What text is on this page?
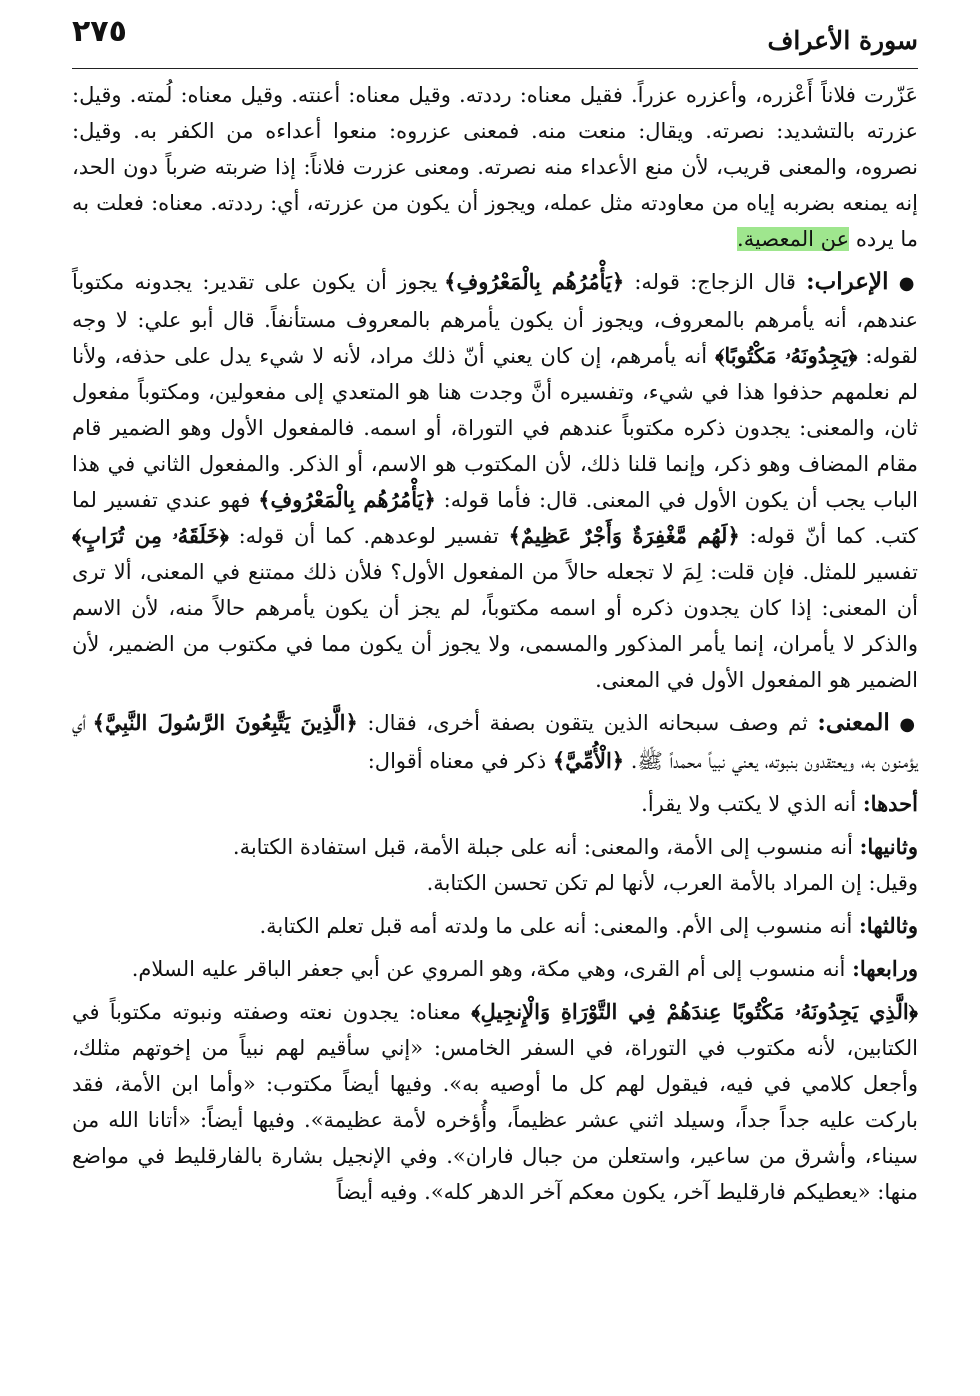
سورة الأعراف
٢٧٥

عَزّرت فلاناً أَعْزره، وأعزره عزراً. فقيل معناه: رددته. وقيل معناه: أعنته. وقيل معناه: لُمته. وقيل: عزرته بالتشديد: نصرته. ويقال: منعت منه. فمعنى عزروه: منعوا أعداءه من الكفر به. وقيل: نصروه، والمعنى قريب، لأن منع الأعداء منه نصرته. ومعنى عزرت فلاناً: إذا ضربته ضرباً دون الحد، إنه يمنعه بضربه إياه من معاودته مثل عمله، ويجوز أن يكون من عزرته، أي: رددته. معناه: فعلت به ما يرده عن المعصية.

● الإعراب: قال الزجاج: قوله: ﴿يَأْمُرُهُم بِالْمَعْرُوفِ﴾ يجوز أن يكون على تقدير: يجدونه مكتوباً عندهم، أنه يأمرهم بالمعروف، ويجوز أن يكون يأمرهم بالمعروف مستأنفاً. قال أبو علي: لا وجه لقوله: ﴿يَجِدُونَهُۥ مَكْتُوبًا﴾ أنه يأمرهم، إن كان يعني أنّ ذلك مراد، لأنه لا شيء يدل على حذفه، ولأنا لم نعلمهم حذفوا هذا في شيء، وتفسيره أنَّ وجدت هنا هو المتعدي إلى مفعولين، ومكتوباً مفعول ثان، والمعنى: يجدون ذكره مكتوباً عندهم في التوراة، أو اسمه. فالمفعول الأول وهو الضمير قام مقام المضاف وهو ذكر، وإنما قلنا ذلك، لأن المكتوب هو الاسم، أو الذكر. والمفعول الثاني في هذا الباب يجب أن يكون الأول في المعنى. قال: فأما قوله: ﴿يَأْمُرُهُم بِالْمَعْرُوفِ﴾ فهو عندي تفسير لما كتب. كما أنّ قوله: ﴿لَهُم مَّغْفِرَةٌ وَأَجْرٌ عَظِيمٌ﴾ تفسير لوعدهم. كما أن قوله: ﴿خَلَقَهُۥ مِن تُرَابٍ﴾ تفسير للمثل. فإن قلت: لِمَ لا تجعله حالاً من المفعول الأول؟ فلأن ذلك ممتنع في المعنى، ألا ترى أن المعنى: إذا كان يجدون ذكره أو اسمه مكتوباً، لم يجز أن يكون يأمرهم حالاً منه، لأن الاسم والذكر لا يأمران، إنما يأمر المذكور والمسمى، ولا يجوز أن يكون مما في مكتوب من الضمير، لأن الضمير هو المفعول الأول في المعنى.

● المعنى: ثم وصف سبحانه الذين يتقون بصفة أخرى، فقال: ﴿الَّذِينَ يَتَّبِعُونَ الرَّسُولَ النَّبِيَّ﴾ أي يؤمنون به، ويعتقدون بنبوته، يعني نبياً محمداً ﷺ. ﴿الْأُمِّيَّ﴾ ذكر في معناه أقوال:

أحدها: أنه الذي لا يكتب ولا يقرأ.

وثانيها: أنه منسوب إلى الأمة، والمعنى: أنه على جبلة الأمة، قبل استفادة الكتابة.
وقيل: إن المراد بالأمة العرب، لأنها لم تكن تحسن الكتابة.

وثالثها: أنه منسوب إلى الأم. والمعنى: أنه على ما ولدته أمه قبل تعلم الكتابة.

ورابعها: أنه منسوب إلى أم القرى، وهي مكة، وهو المروي عن أبي جعفر الباقر عليه السلام.

﴿الَّذِي يَجِدُونَهُۥ مَكْتُوبًا عِندَهُمْ فِي التَّوْرَاةِ وَالْإِنجِيلِ﴾ معناه: يجدون نعته وصفته ونبوته مكتوباً في الكتابين، لأنه مكتوب في التوراة، في السفر الخامس: «إني سأقيم لهم نبياً من إخوتهم مثلك، وأجعل كلامي في فيه، فيقول لهم كل ما أوصيه به». وفيها أيضاً مكتوب: «وأما ابن الأمة، فقد باركت عليه جداً جداً، وسيلد اثني عشر عظيماً، وأُؤخره لأمة عظيمة». وفيها أيضاً: «أتانا الله من سيناء، وأشرق من ساعير، واستعلن من جبال فاران». وفي الإنجيل بشارة بالفارقليط في مواضع منها: «يعطيكم فارقليط آخر، يكون معكم آخر الدهر كله». وفيه أيضاً
